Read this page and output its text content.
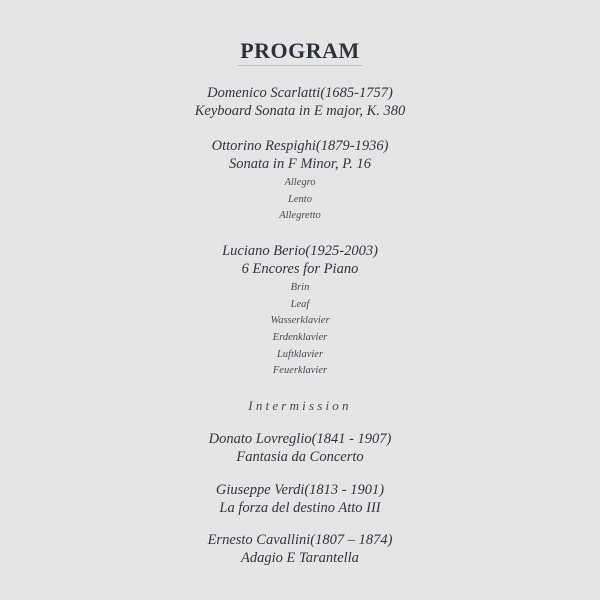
PROGRAM
Domenico Scarlatti(1685-1757)
Keyboard Sonata in E major, K. 380
Ottorino Respighi(1879-1936)
Sonata in F Minor, P. 16
Allegro
Lento
Allegretto
Luciano Berio(1925-2003)
6 Encores for Piano
Brin
Leaf
Wasserklavier
Erdenklavier
Luftklavier
Feuerklavier
Intermission
Donato Lovreglio(1841 - 1907)
Fantasia da Concerto
Giuseppe Verdi(1813 - 1901)
La forza del destino Atto III
Ernesto Cavallini(1807 – 1874)
Adagio E Tarantella
